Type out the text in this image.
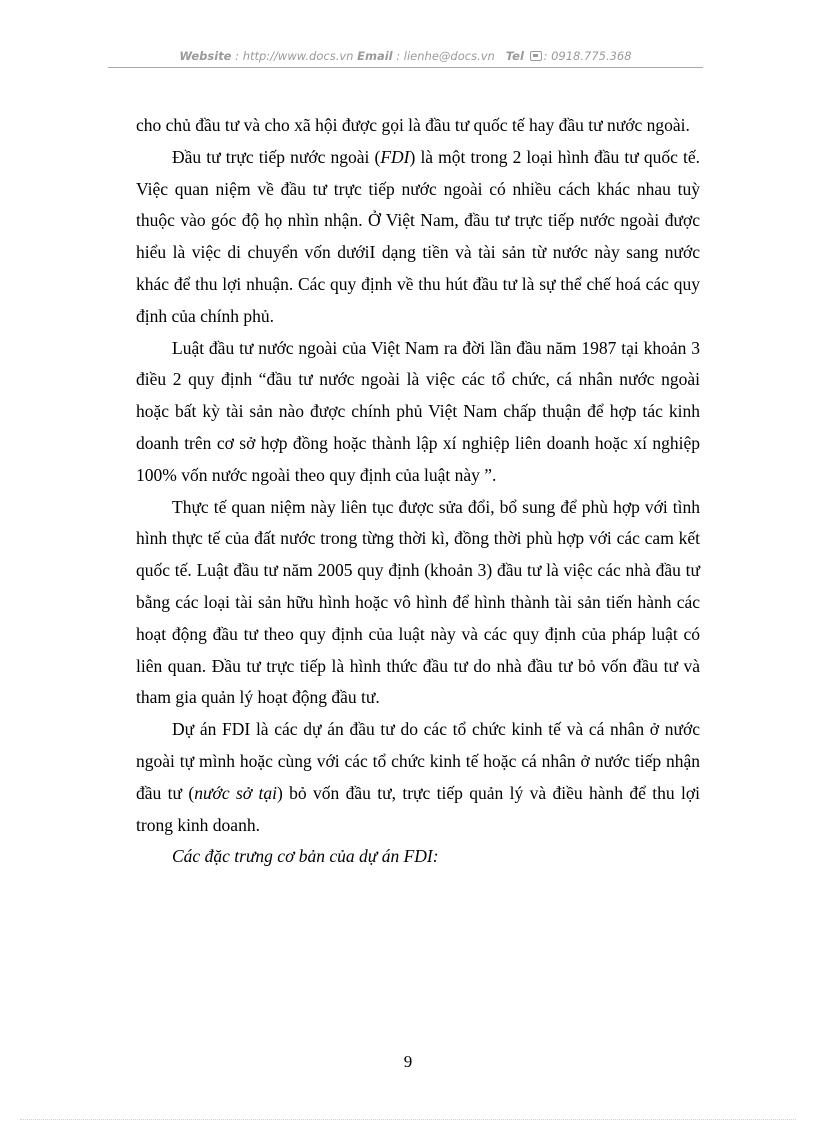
Website : http://www.docs.vn Email : lienhe@docs.vn Tel : 0918.775.368

cho chủ đầu tư và cho xã hội được gọi là đầu tư quốc tế hay đầu tư nước ngoài.

Đầu tư trực tiếp nước ngoài (FDI) là một trong 2 loại hình đầu tư quốc tế. Việc quan niệm về đầu tư trực tiếp nước ngoài có nhiều cách khác nhau tuỳ thuộc vào góc độ họ nhìn nhận. Ở Việt Nam, đầu tư trực tiếp nước ngoài được hiểu là việc di chuyển vốn dướiI dạng tiền và tài sản từ nước này sang nước khác để thu lợi nhuận. Các quy định về thu hút đầu tư là sự thể chế hoá các quy định của chính phủ.

Luật đầu tư nước ngoài của Việt Nam ra đời lần đầu năm 1987 tại khoản 3 điều 2 quy định “đầu tư nước ngoài là việc các tổ chức, cá nhân nước ngoài hoặc bất kỳ tài sản nào được chính phủ Việt Nam chấp thuận để hợp tác kinh doanh trên cơ sở hợp đồng hoặc thành lập xí nghiệp liên doanh hoặc xí nghiệp 100% vốn nước ngoài theo quy định của luật này ”.

Thực tế quan niệm này liên tục được sửa đổi, bổ sung để phù hợp với tình hình thực tế của đất nước trong từng thời kì, đồng thời phù hợp với các cam kết quốc tế. Luật đầu tư năm 2005 quy định (khoản 3) đầu tư là việc các nhà đầu tư bằng các loại tài sản hữu hình hoặc vô hình để hình thành tài sản tiến hành các hoạt động đầu tư theo quy định của luật này và các quy định của pháp luật có liên quan. Đầu tư trực tiếp là hình thức đầu tư do nhà đầu tư bỏ vốn đầu tư và tham gia quản lý hoạt động đầu tư.

Dự án FDI là các dự án đầu tư do các tổ chức kinh tế và cá nhân ở nước ngoài tự mình hoặc cùng với các tổ chức kinh tế hoặc cá nhân ở nước tiếp nhận đầu tư (nước sở tại) bỏ vốn đầu tư, trực tiếp quản lý và điều hành để thu lợi trong kinh doanh.

Các đặc trưng cơ bản của dự án FDI:

9
